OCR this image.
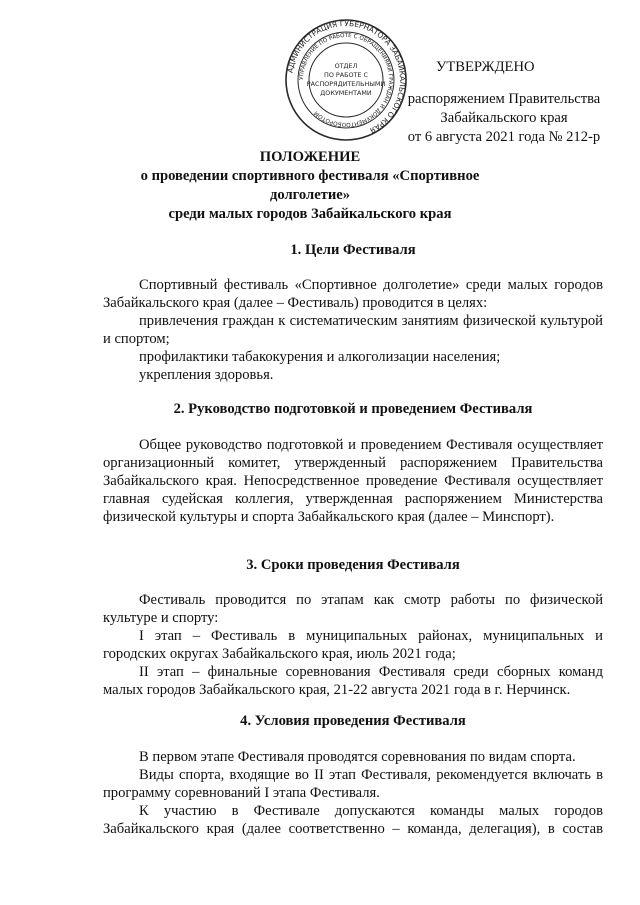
АДМИНИСТРАЦИЯ ГУБЕРНАТОРА ЗАБАЙКАЛЬСКОГО КРАЯ
УПРАВЛЕНИЕ ПО РАБОТЕ С ОБРАЩЕНИЯМИ ГРАЖДАН И ДОКУМЕНТООБОРОТОМ
ОТДЕЛ
ПО РАБОТЕ С
РАСПОРЯДИТЕЛЬНЫМИ
ДОКУМЕНТАМИ
УТВЕРЖДЕНО
распоряжением Правительства
Забайкальского края
от 6 августа 2021 года № 212-р
ПОЛОЖЕНИЕ
о проведении спортивного фестиваля «Спортивное долголетие»
среди малых городов Забайкальского края
1. Цели Фестиваля
Спортивный фестиваль «Спортивное долголетие» среди малых городов Забайкальского края (далее – Фестиваль) проводится в целях:
привлечения граждан к систематическим занятиям физической культурой и спортом;
профилактики табакокурения и алкоголизации населения;
укрепления здоровья.
2. Руководство подготовкой и проведением Фестиваля
Общее руководство подготовкой и проведением Фестиваля осуществляет организационный комитет, утвержденный распоряжением Правительства Забайкальского края. Непосредственное проведение Фестиваля осуществляет главная судейская коллегия, утвержденная распоряжением Министерства физической культуры и спорта Забайкальского края (далее – Минспорт).
3. Сроки проведения Фестиваля
Фестиваль проводится по этапам как смотр работы по физической культуре и спорту:
I этап – Фестиваль в муниципальных районах, муниципальных и городских округах Забайкальского края, июль 2021 года;
II этап – финальные соревнования Фестиваля среди сборных команд малых городов Забайкальского края, 21-22 августа 2021 года в г. Нерчинск.
4. Условия проведения Фестиваля
В первом этапе Фестиваля проводятся соревнования по видам спорта.
Виды спорта, входящие во II этап Фестиваля, рекомендуется включать в программу соревнований I этапа Фестиваля.
К участию в Фестивале допускаются команды малых городов Забайкальского края (далее соответственно – команда, делегация), в состав
